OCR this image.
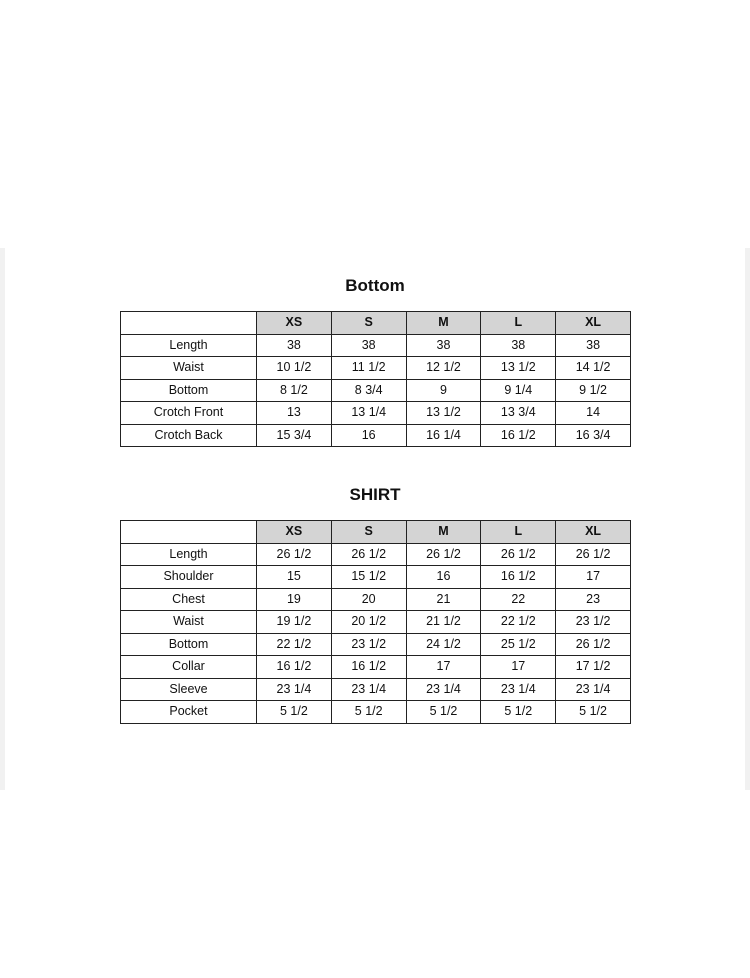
Bottom
	XS	S	M	L	XL
Length	38	38	38	38	38
Waist	10 1/2	11 1/2	12 1/2	13 1/2	14 1/2
Bottom	8 1/2	8 3/4	9	9 1/4	9 1/2
Crotch Front	13	13 1/4	13 1/2	13 3/4	14
Crotch Back	15 3/4	16	16 1/4	16 1/2	16 3/4
SHIRT
	XS	S	M	L	XL
Length	26 1/2	26 1/2	26 1/2	26 1/2	26 1/2
Shoulder	15	15 1/2	16	16 1/2	17
Chest	19	20	21	22	23
Waist	19 1/2	20 1/2	21 1/2	22 1/2	23 1/2
Bottom	22 1/2	23 1/2	24 1/2	25 1/2	26 1/2
Collar	16 1/2	16 1/2	17	17	17 1/2
Sleeve	23 1/4	23 1/4	23 1/4	23 1/4	23 1/4
Pocket	5 1/2	5 1/2	5 1/2	5 1/2	5 1/2
